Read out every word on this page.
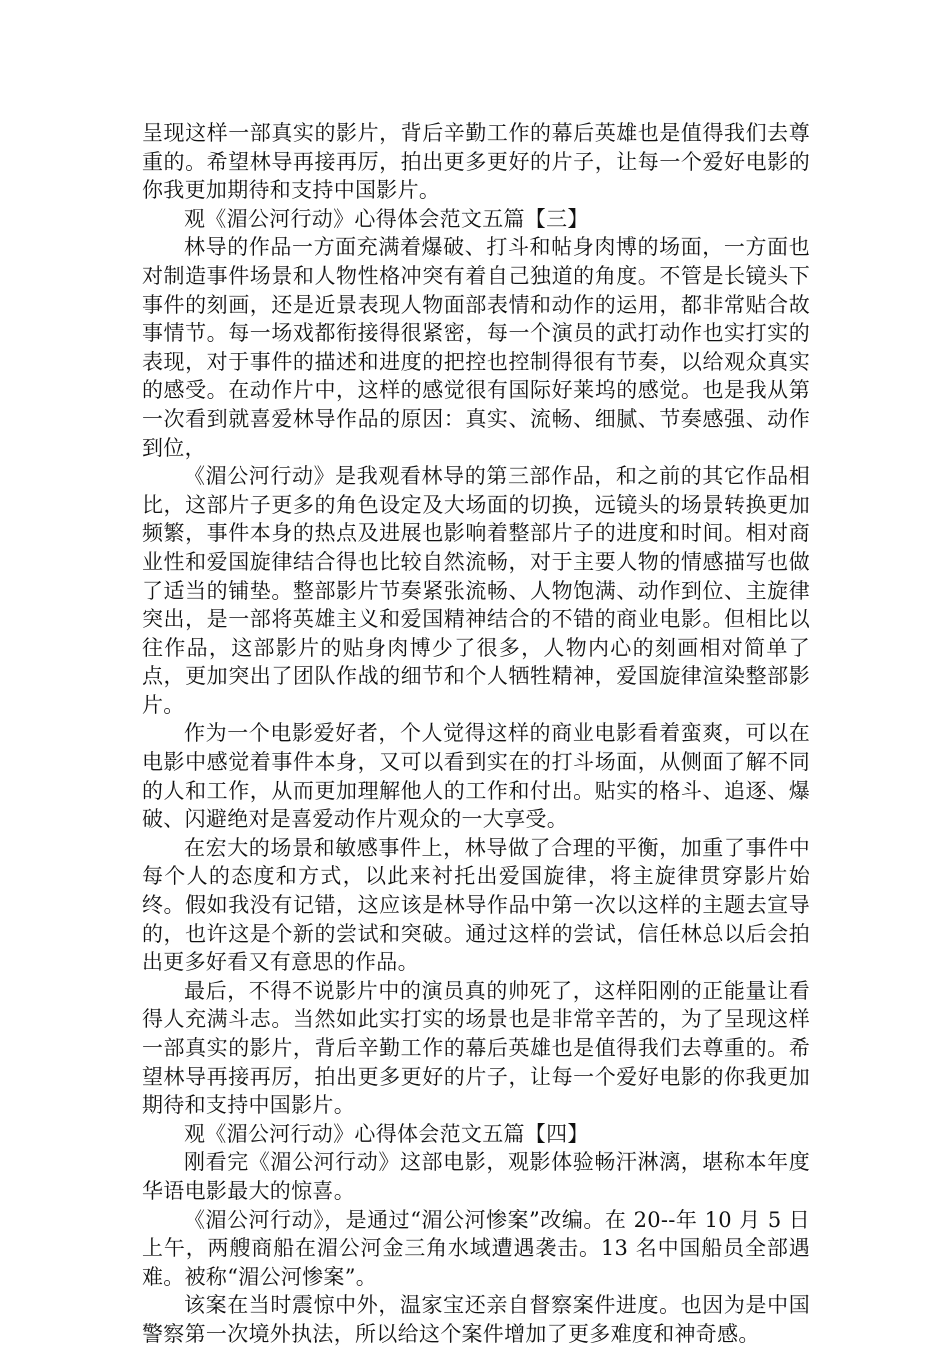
呈现这样一部真实的影片，背后辛勤工作的幕后英雄也是值得我们去尊重的。希望林导再接再厉，拍出更多更好的片子，让每一个爱好电影的你我更加期待和支持中国影片。

观《湄公河行动》心得体会范文五篇【三】

林导的作品一方面充满着爆破、打斗和帖身肉博的场面，一方面也对制造事件场景和人物性格冲突有着自己独道的角度。不管是长镜头下事件的刻画，还是近景表现人物面部表情和动作的运用，都非常贴合故事情节。每一场戏都衔接得很紧密，每一个演员的武打动作也实打实的表现，对于事件的描述和进度的把控也控制得很有节奏，以给观众真实的感受。在动作片中，这样的感觉很有国际好莱坞的感觉。也是我从第一次看到就喜爱林导作品的原因：真实、流畅、细腻、节奏感强、动作到位，

《湄公河行动》是我观看林导的第三部作品，和之前的其它作品相比，这部片子更多的角色设定及大场面的切换，远镜头的场景转换更加频繁，事件本身的热点及进展也影响着整部片子的进度和时间。相对商业性和爱国旋律结合得也比较自然流畅，对于主要人物的情感描写也做了适当的铺垫。整部影片节奏紧张流畅、人物饱满、动作到位、主旋律突出，是一部将英雄主义和爱国精神结合的不错的商业电影。但相比以往作品，这部影片的贴身肉博少了很多，人物内心的刻画相对简单了点，更加突出了团队作战的细节和个人牺牲精神，爱国旋律渲染整部影片。

作为一个电影爱好者，个人觉得这样的商业电影看着蛮爽，可以在电影中感觉着事件本身，又可以看到实在的打斗场面，从侧面了解不同的人和工作，从而更加理解他人的工作和付出。贴实的格斗、追逐、爆破、闪避绝对是喜爱动作片观众的一大享受。

在宏大的场景和敏感事件上，林导做了合理的平衡，加重了事件中每个人的态度和方式，以此来衬托出爱国旋律，将主旋律贯穿影片始终。假如我没有记错，这应该是林导作品中第一次以这样的主题去宣导的，也许这是个新的尝试和突破。通过这样的尝试，信任林总以后会拍出更多好看又有意思的作品。

最后，不得不说影片中的演员真的帅死了，这样阳刚的正能量让看得人充满斗志。当然如此实打实的场景也是非常辛苦的，为了呈现这样一部真实的影片，背后辛勤工作的幕后英雄也是值得我们去尊重的。希望林导再接再厉，拍出更多更好的片子，让每一个爱好电影的你我更加期待和支持中国影片。

观《湄公河行动》心得体会范文五篇【四】

刚看完《湄公河行动》这部电影，观影体验畅汗淋漓，堪称本年度华语电影最大的惊喜。

《湄公河行动》，是通过“湄公河惨案”改编。在 20--年 10 月 5 日上午，两艘商船在湄公河金三角水域遭遇袭击。13 名中国船员全部遇难。被称“湄公河惨案”。

该案在当时震惊中外，温家宝还亲自督察案件进度。也因为是中国警察第一次境外执法，所以给这个案件增加了更多难度和神奇感。
